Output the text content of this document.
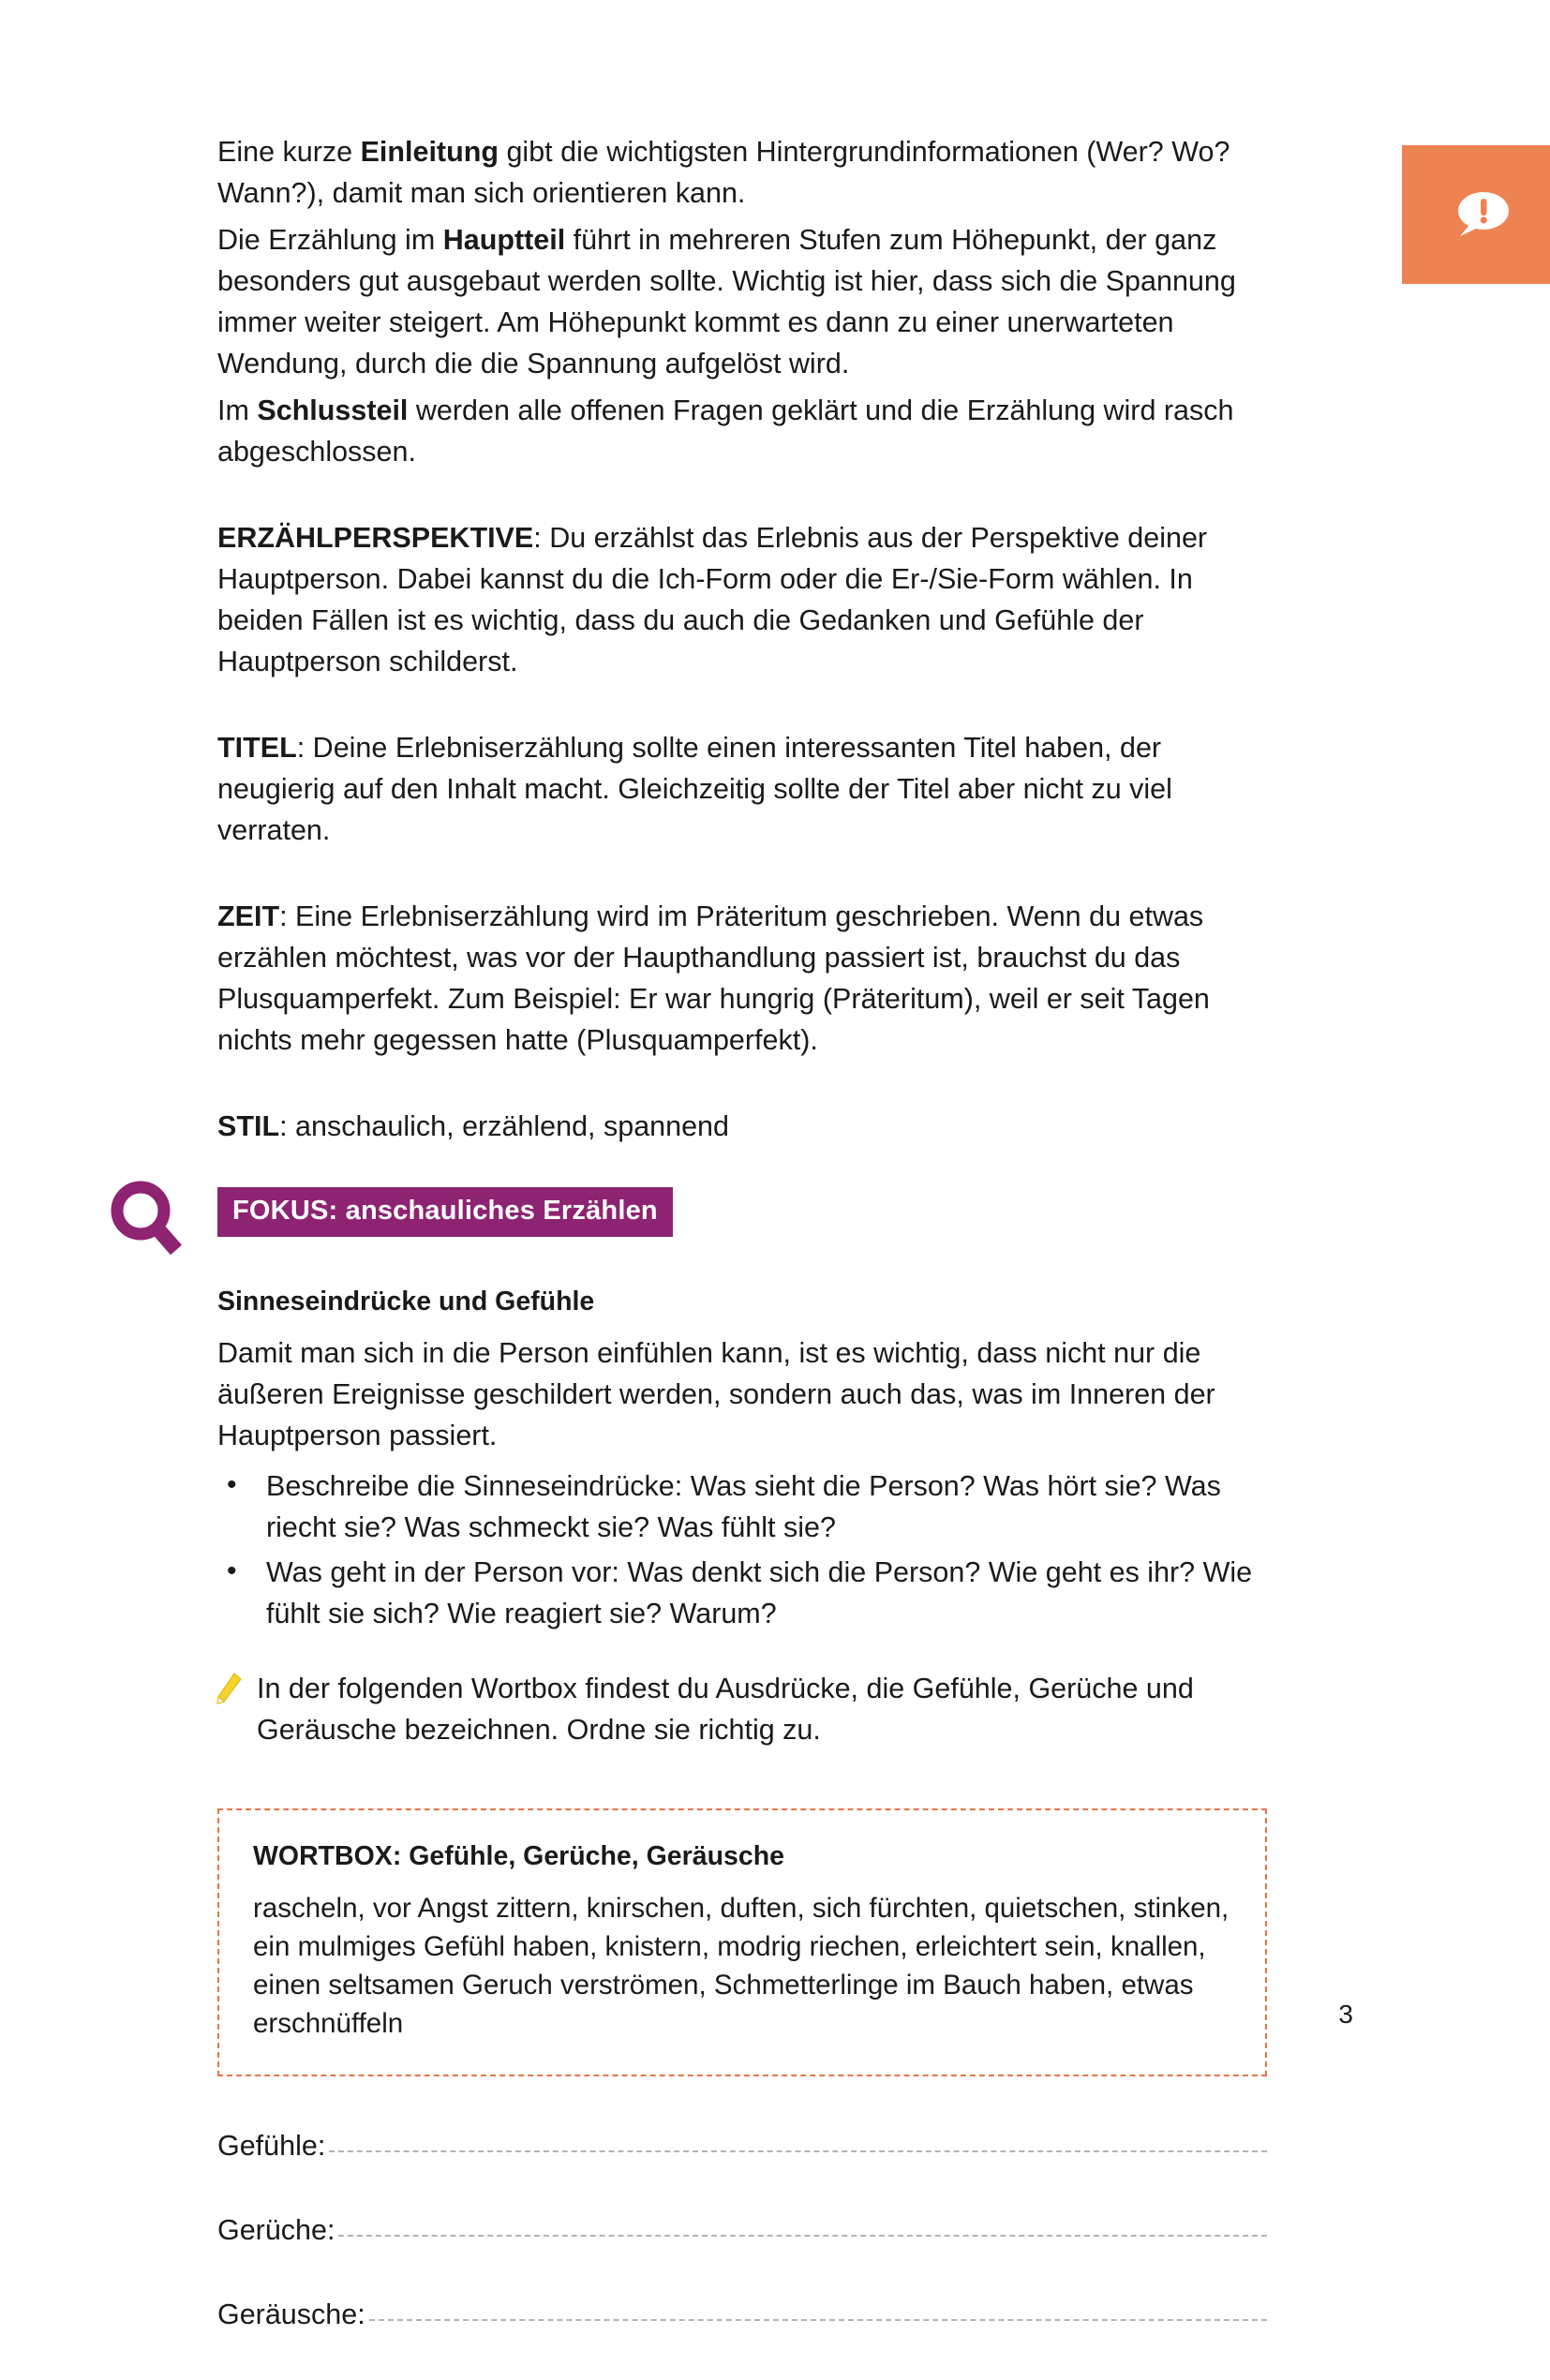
Eine kurze Einleitung gibt die wichtigsten Hintergrundinformationen (Wer? Wo? Wann?), damit man sich orientieren kann.

Die Erzählung im Hauptteil führt in mehreren Stufen zum Höhepunkt, der ganz besonders gut ausgebaut werden sollte. Wichtig ist hier, dass sich die Spannung immer weiter steigert. Am Höhepunkt kommt es dann zu einer unerwarteten Wendung, durch die die Spannung aufgelöst wird.

Im Schlussteil werden alle offenen Fragen geklärt und die Erzählung wird rasch abgeschlossen.

ERZÄHLPERSPEKTIVE: Du erzählst das Erlebnis aus der Perspektive deiner Hauptperson. Dabei kannst du die Ich-Form oder die Er-/Sie-Form wählen. In beiden Fällen ist es wichtig, dass du auch die Gedanken und Gefühle der Hauptperson schilderst.

TITEL: Deine Erlebniserzählung sollte einen interessanten Titel haben, der neugierig auf den Inhalt macht. Gleichzeitig sollte der Titel aber nicht zu viel verraten.

ZEIT: Eine Erlebniserzählung wird im Präteritum geschrieben. Wenn du etwas erzählen möchtest, was vor der Haupthandlung passiert ist, brauchst du das Plusquamperfekt. Zum Beispiel: Er war hungrig (Präteritum), weil er seit Tagen nichts mehr gegessen hatte (Plusquamperfekt).

STIL: anschaulich, erzählend, spannend

FOKUS: anschauliches Erzählen
Sinneseindrücke und Gefühle

Damit man sich in die Person einfühlen kann, ist es wichtig, dass nicht nur die äußeren Ereignisse geschildert werden, sondern auch das, was im Inneren der Hauptperson passiert.

• Beschreibe die Sinneseindrücke: Was sieht die Person? Was hört sie? Was riecht sie? Was schmeckt sie? Was fühlt sie?
• Was geht in der Person vor: Was denkt sich die Person? Wie geht es ihr? Wie fühlt sie sich? Wie reagiert sie? Warum?

In der folgenden Wortbox findest du Ausdrücke, die Gefühle, Gerüche und Geräusche bezeichnen. Ordne sie richtig zu.

WORTBOX: Gefühle, Gerüche, Geräusche

rascheln, vor Angst zittern, knirschen, duften, sich fürchten, quietschen, stinken, ein mulmiges Gefühl haben, knistern, modrig riechen, erleichtert sein, knallen, einen seltsamen Geruch verströmen, Schmetterlinge im Bauch haben, etwas erschnüffeln

Gefühle:
Gerüche:
Geräusche:
3
